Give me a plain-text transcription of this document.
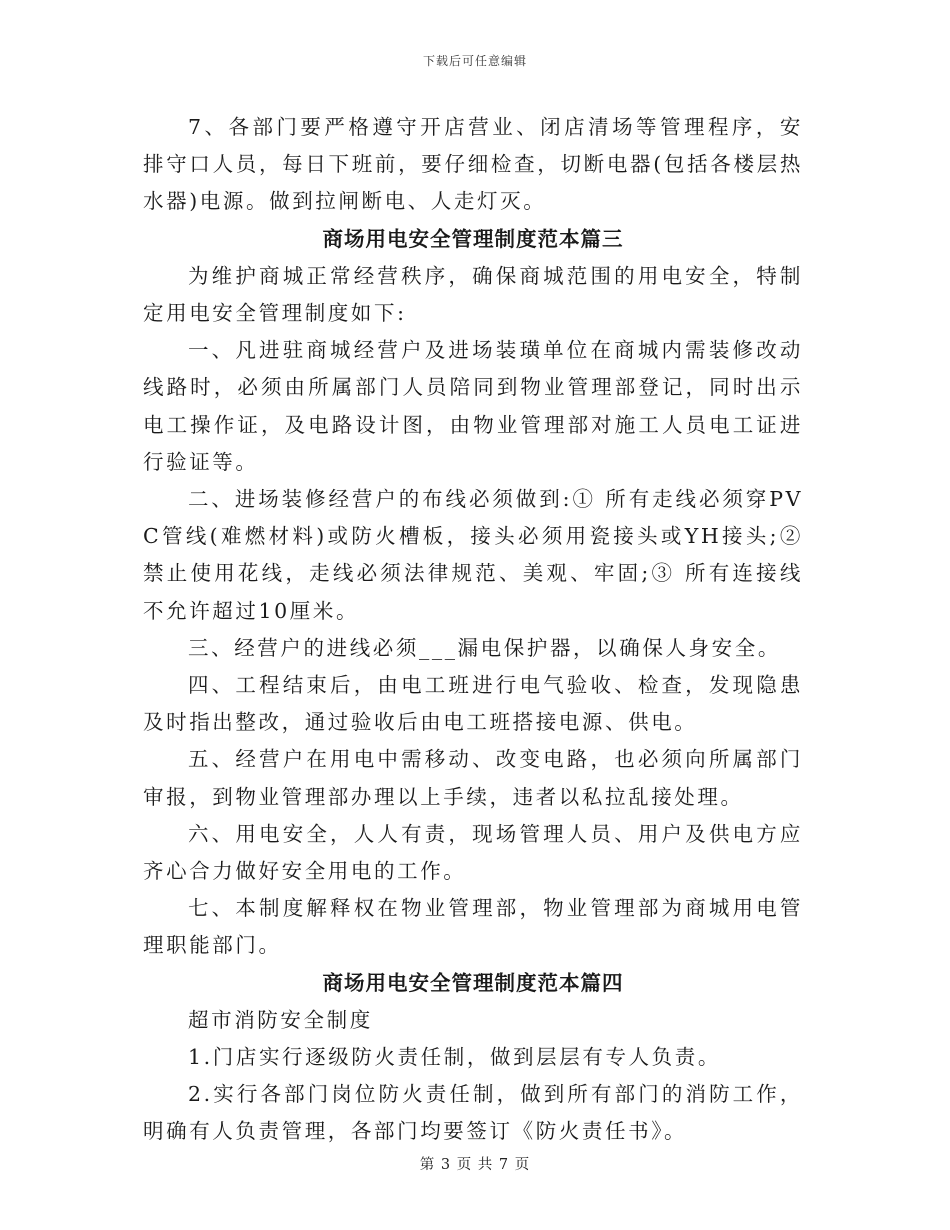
下载后可任意编辑

7、各部门要严格遵守开店营业、闭店清场等管理程序，安排守口人员，每日下班前，要仔细检查，切断电器(包括各楼层热水器)电源。做到拉闸断电、人走灯灭。

商场用电安全管理制度范本篇三

为维护商城正常经营秩序，确保商城范围的用电安全，特制定用电安全管理制度如下:

一、凡进驻商城经营户及进场装璜单位在商城内需装修改动线路时，必须由所属部门人员陪同到物业管理部登记，同时出示电工操作证，及电路设计图，由物业管理部对施工人员电工证进行验证等。

二、进场装修经营户的布线必须做到:① 所有走线必须穿PVC管线(难燃材料)或防火槽板，接头必须用瓷接头或YH接头;② 禁止使用花线，走线必须法律规范、美观、牢固;③ 所有连接线不允许超过10厘米。

三、经营户的进线必须___漏电保护器，以确保人身安全。

四、工程结束后，由电工班进行电气验收、检查，发现隐患及时指出整改，通过验收后由电工班搭接电源、供电。

五、经营户在用电中需移动、改变电路，也必须向所属部门审报，到物业管理部办理以上手续，违者以私拉乱接处理。

六、用电安全，人人有责，现场管理人员、用户及供电方应齐心合力做好安全用电的工作。

七、本制度解释权在物业管理部，物业管理部为商城用电管理职能部门。

商场用电安全管理制度范本篇四

超市消防安全制度

1.门店实行逐级防火责任制，做到层层有专人负责。

2.实行各部门岗位防火责任制，做到所有部门的消防工作，明确有人负责管理，各部门均要签订《防火责任书》。

第 3 页 共 7 页
